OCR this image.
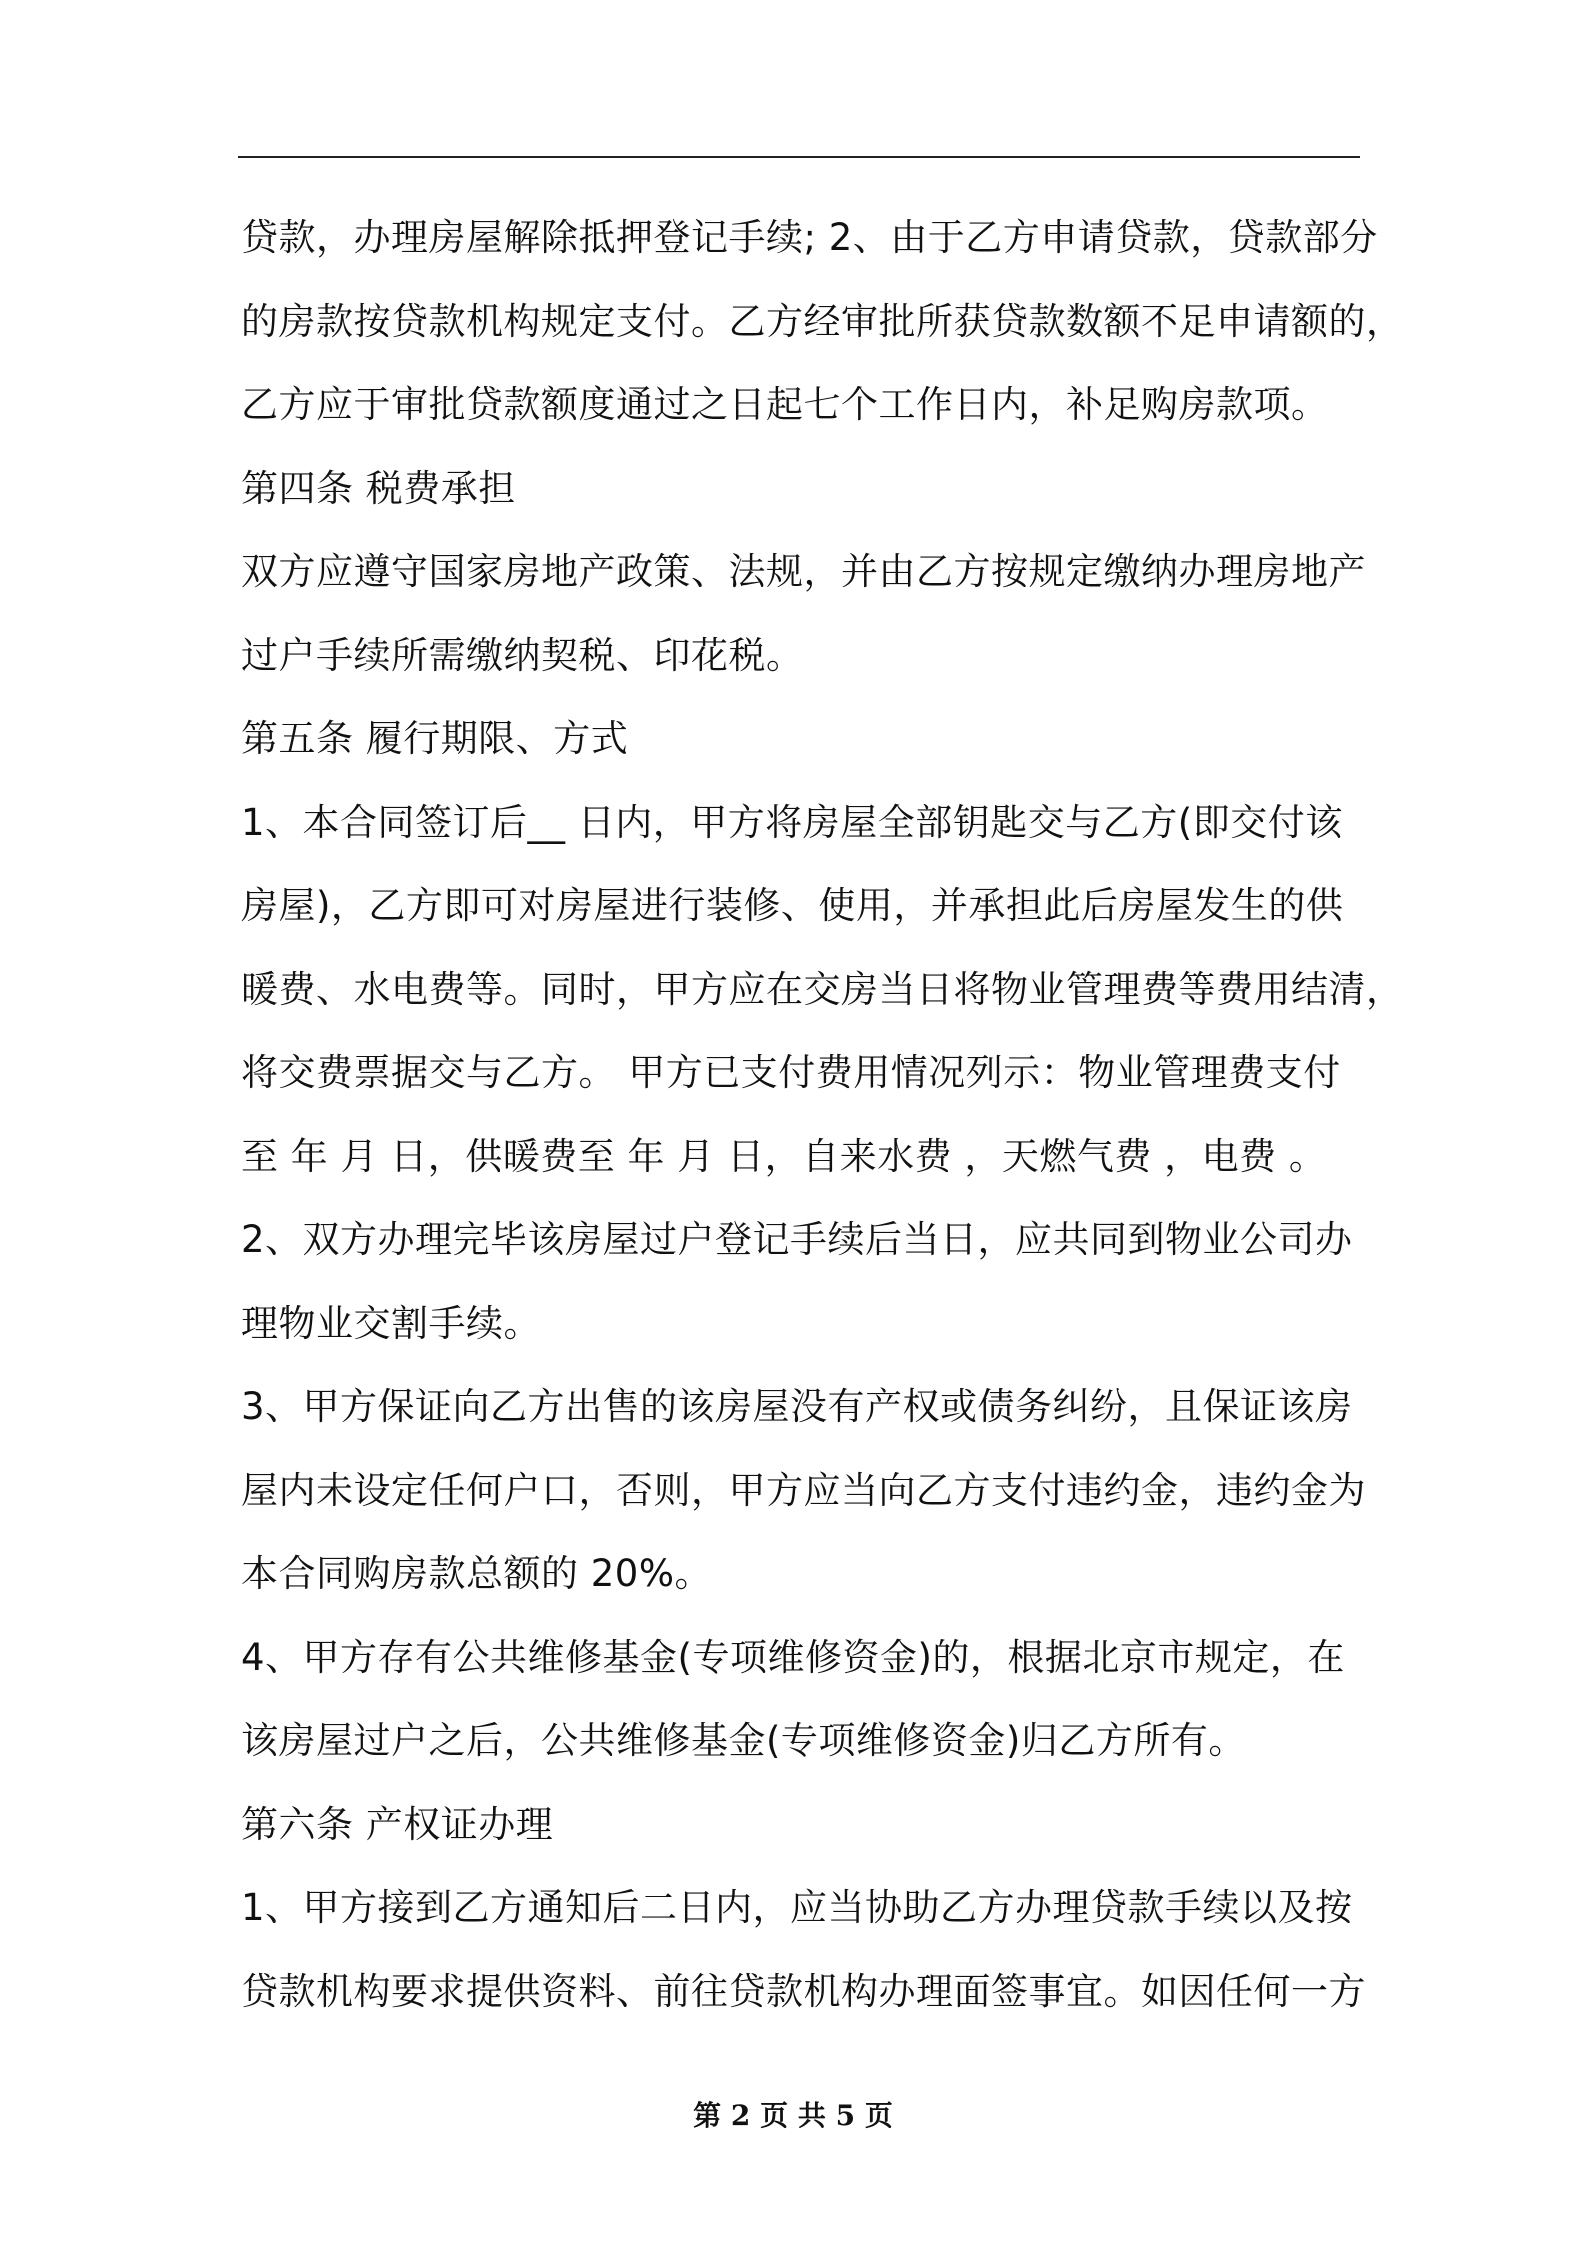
贷款，办理房屋解除抵押登记手续; 2、由于乙方申请贷款，贷款部分
的房款按贷款机构规定支付。乙方经审批所获贷款数额不足申请额的，
乙方应于审批贷款额度通过之日起七个工作日内，补足购房款项。
第四条 税费承担
双方应遵守国家房地产政策、法规，并由乙方按规定缴纳办理房地产
过户手续所需缴纳契税、印花税。
第五条 履行期限、方式
1、本合同签订后__ 日内，甲方将房屋全部钥匙交与乙方(即交付该
房屋)，乙方即可对房屋进行装修、使用，并承担此后房屋发生的供
暖费、水电费等。同时，甲方应在交房当日将物业管理费等费用结清，
将交费票据交与乙方。 甲方已支付费用情况列示：物业管理费支付
至 年 月 日，供暖费至 年 月 日，自来水费 ，天燃气费 ，电费 。
2、双方办理完毕该房屋过户登记手续后当日，应共同到物业公司办
理物业交割手续。
3、甲方保证向乙方出售的该房屋没有产权或债务纠纷，且保证该房
屋内未设定任何户口，否则，甲方应当向乙方支付违约金，违约金为
本合同购房款总额的 20%。
4、甲方存有公共维修基金(专项维修资金)的，根据北京市规定，在
该房屋过户之后，公共维修基金(专项维修资金)归乙方所有。
第六条 产权证办理
1、甲方接到乙方通知后二日内，应当协助乙方办理贷款手续以及按
贷款机构要求提供资料、前往贷款机构办理面签事宜。如因任何一方
第 2 页 共 5 页
